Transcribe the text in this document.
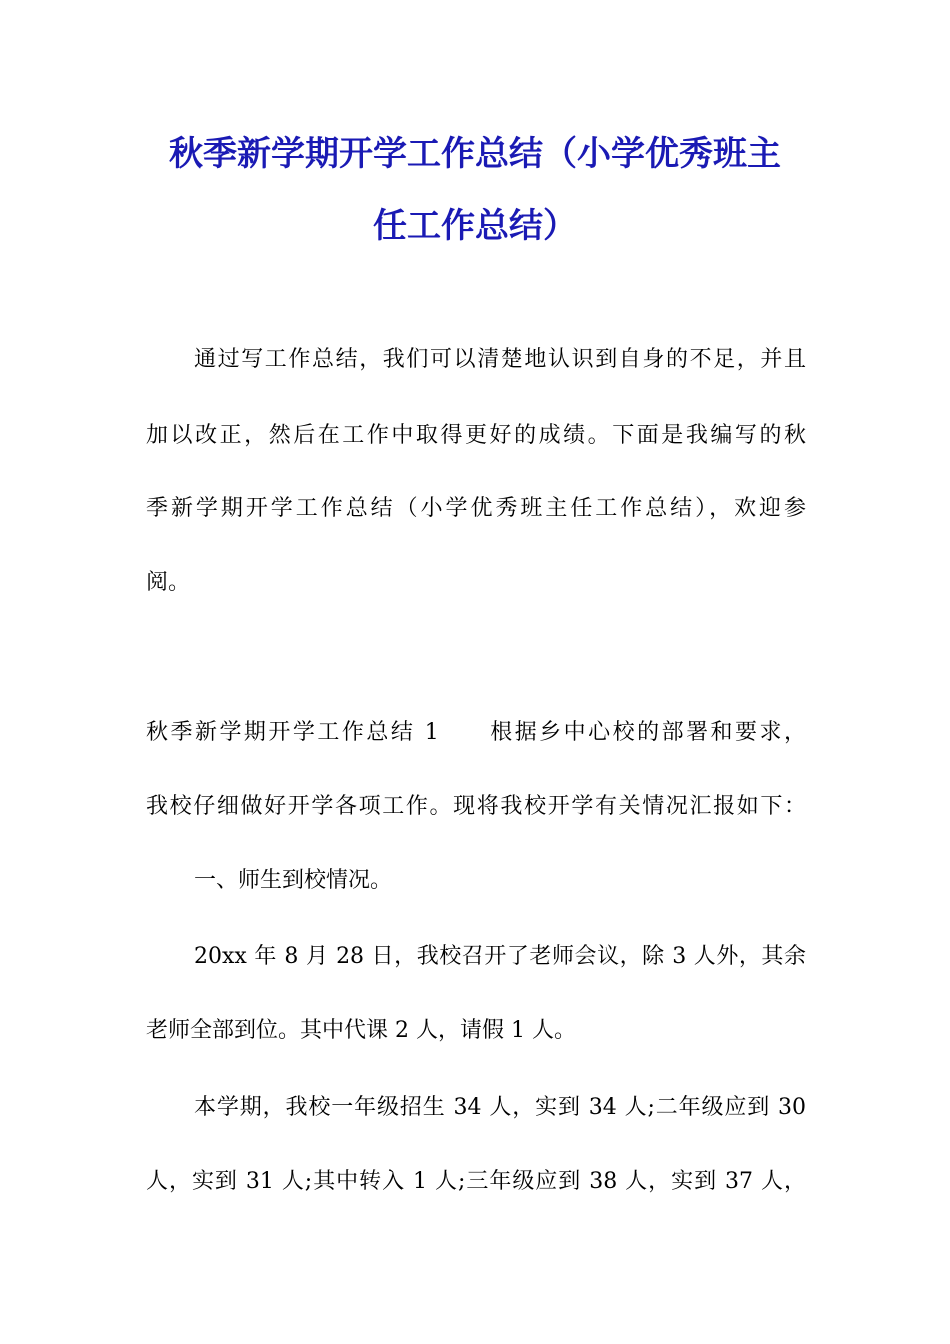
秋季新学期开学工作总结（小学优秀班主
任工作总结）

通过写工作总结，我们可以清楚地认识到自身的不足，并且

加以改正，然后在工作中取得更好的成绩。下面是我编写的秋

季新学期开学工作总结（小学优秀班主任工作总结），欢迎参

阅。

秋季新学期开学工作总结 1　　根据乡中心校的部署和要求，

我校仔细做好开学各项工作。现将我校开学有关情况汇报如下：

一、师生到校情况。

20xx 年 8 月 28 日，我校召开了老师会议，除 3 人外，其余

老师全部到位。其中代课 2 人，请假 1 人。

本学期，我校一年级招生 34 人，实到 34 人;二年级应到 30

人，实到 31 人;其中转入 1 人;三年级应到 38 人，实到 37 人，
